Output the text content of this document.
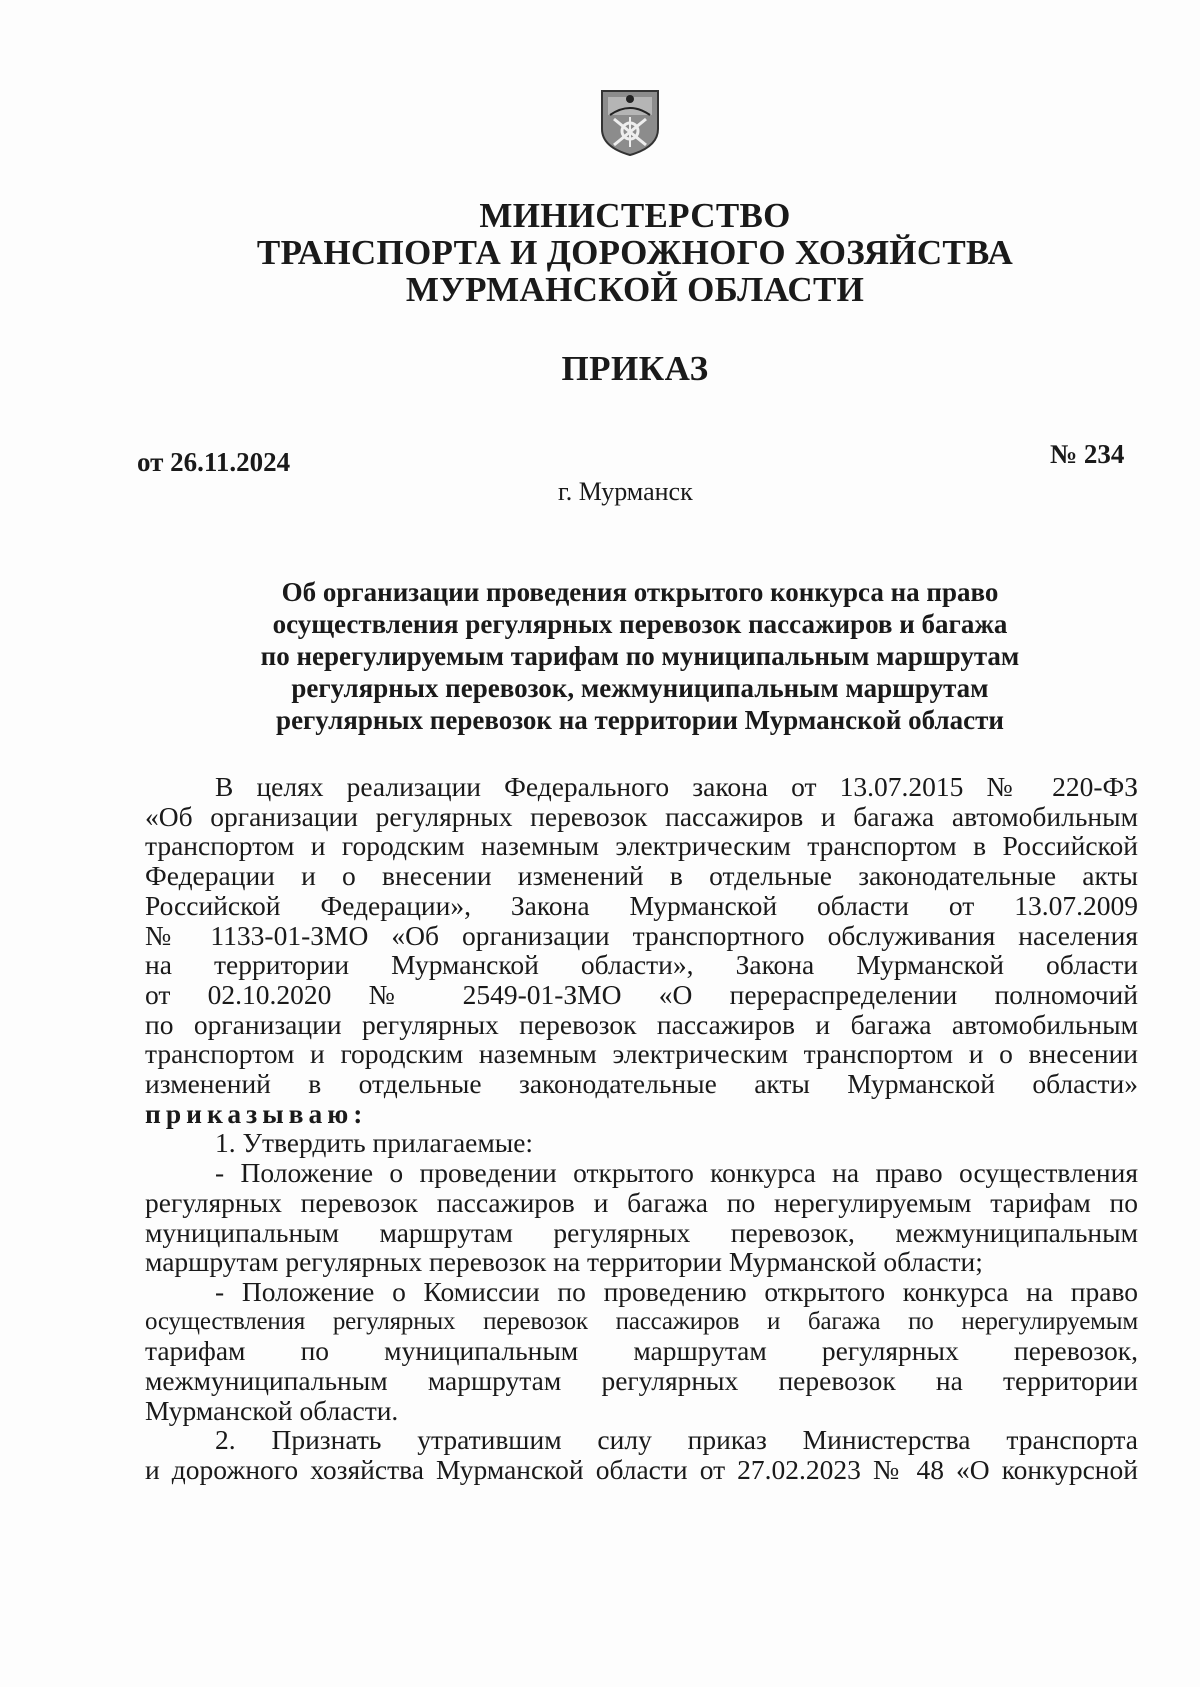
МИНИСТЕРСТВО
ТРАНСПОРТА И ДОРОЖНОГО ХОЗЯЙСТВА
МУРМАНСКОЙ ОБЛАСТИ
ПРИКАЗ
от 26.11.2024	№ 234
г. Мурманск
Об организации проведения открытого конкурса на право
осуществления регулярных перевозок пассажиров и багажа
по нерегулируемым тарифам по муниципальным маршрутам
регулярных перевозок, межмуниципальным маршрутам
регулярных перевозок на территории Мурманской области

В целях реализации Федерального закона от 13.07.2015 № 220-ФЗ

«Об организации регулярных перевозок пассажиров и багажа автомобильным

транспортом и городским наземным электрическим транспортом в Российской

Федерации и о внесении изменений в отдельные законодательные акты

Российской Федерации», Закона Мурманской области от 13.07.2009

№ 1133-01-ЗМО «Об организации транспортного обслуживания населения

на территории Мурманской области», Закона Мурманской области

от 02.10.2020 № 2549-01-ЗМО «О перераспределении полномочий

по организации регулярных перевозок пассажиров и багажа автомобильным

транспортом и городским наземным электрическим транспортом и о внесении

изменений в отдельные законодательные акты Мурманской области»

приказываю:

1. Утвердить прилагаемые:

- Положение о проведении открытого конкурса на право осуществления

регулярных перевозок пассажиров и багажа по нерегулируемым тарифам по

муниципальным маршрутам регулярных перевозок, межмуниципальным

маршрутам регулярных перевозок на территории Мурманской области;

- Положение о Комиссии по проведению открытого конкурса на право

осуществления регулярных перевозок пассажиров и багажа по нерегулируемым

тарифам по муниципальным маршрутам регулярных перевозок,

межмуниципальным маршрутам регулярных перевозок на территории

Мурманской области.

2. Признать утратившим силу приказ Министерства транспорта

и дорожного хозяйства Мурманской области от 27.02.2023 № 48 «О конкурсной
